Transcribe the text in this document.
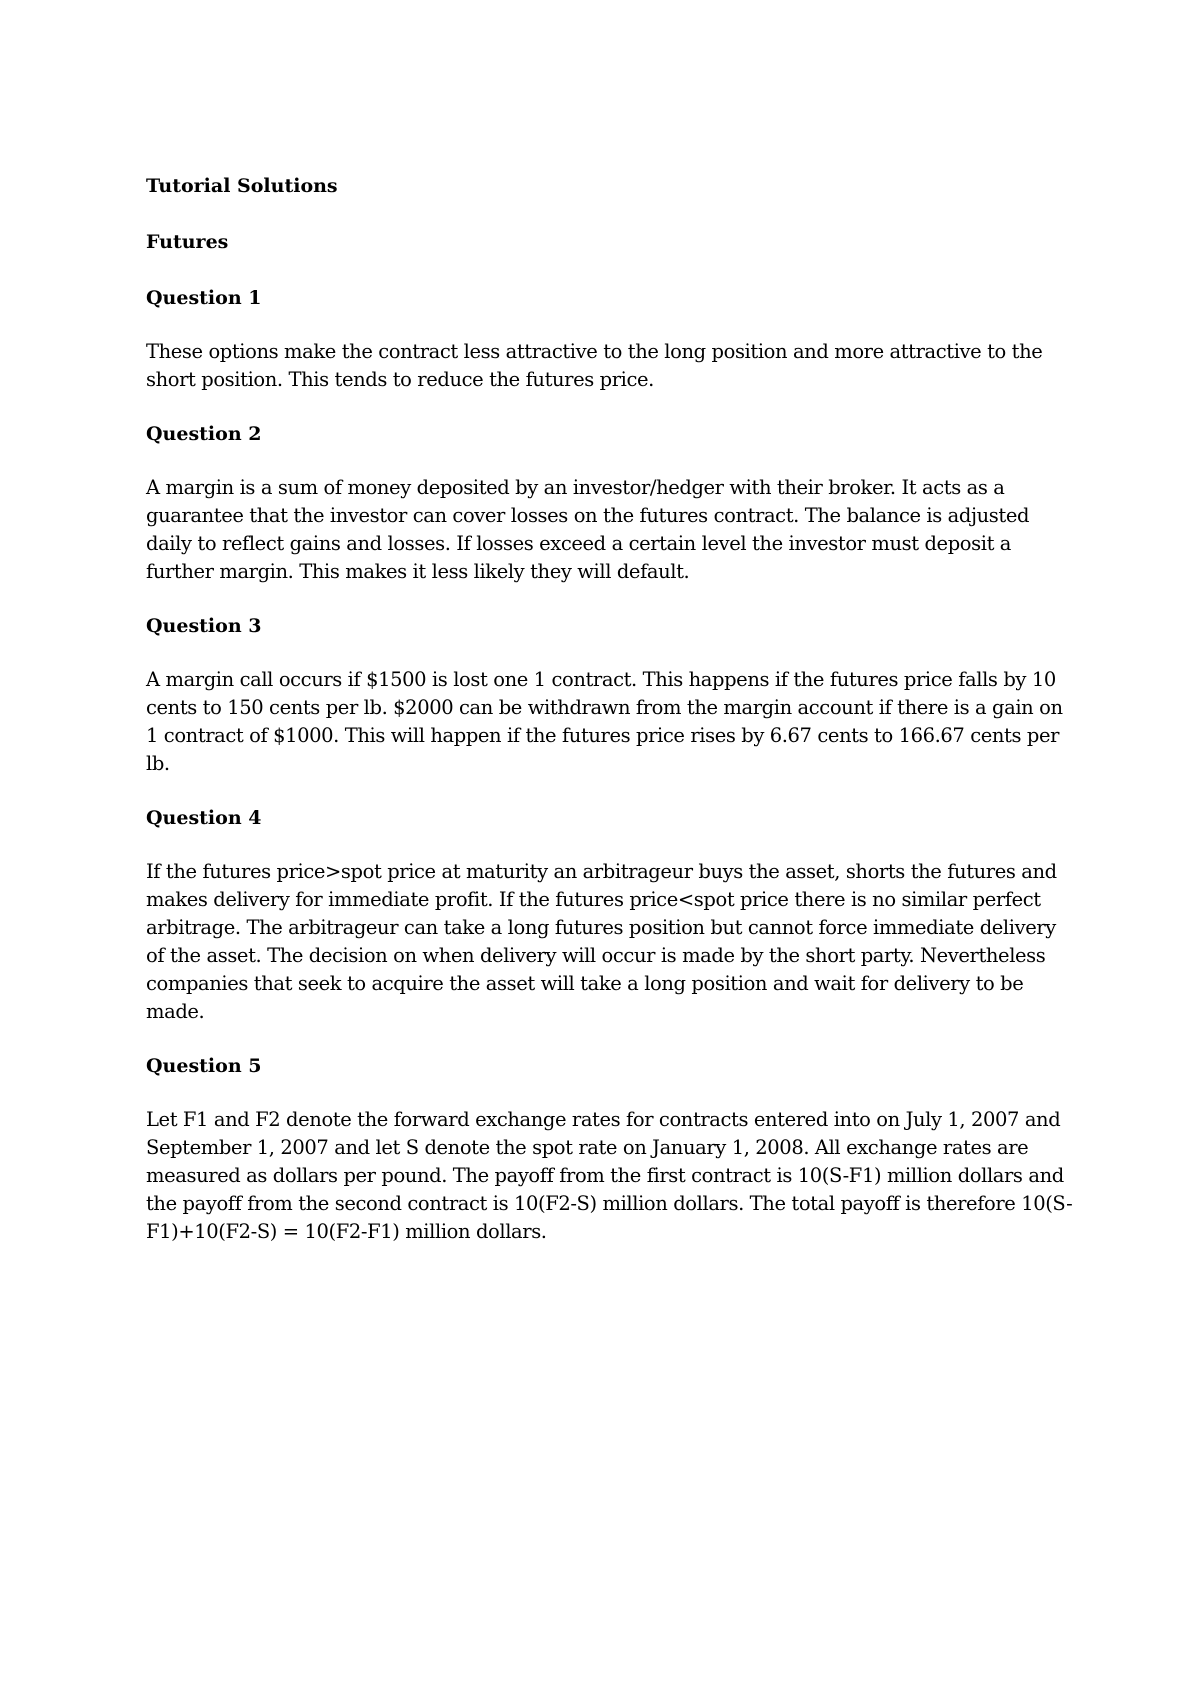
Tutorial Solutions

Futures

Question 1

These options make the contract less attractive to the long position and more attractive to the short position. This tends to reduce the futures price.

Question 2

A margin is a sum of money deposited by an investor/hedger with their broker. It acts as a guarantee that the investor can cover losses on the futures contract. The balance is adjusted daily to reflect gains and losses. If losses exceed a certain level the investor must deposit a further margin. This makes it less likely they will default.

Question 3

A margin call occurs if $1500 is lost one 1 contract. This happens if the futures price falls by 10 cents to 150 cents per lb. $2000 can be withdrawn from the margin account if there is a gain on 1 contract of $1000. This will happen if the futures price rises by 6.67 cents to 166.67 cents per lb.

Question 4

If the futures price>spot price at maturity an arbitrageur buys the asset, shorts the futures and makes delivery for immediate profit. If the futures price<spot price there is no similar perfect arbitrage. The arbitrageur can take a long futures position but cannot force immediate delivery of the asset. The decision on when delivery will occur is made by the short party. Nevertheless companies that seek to acquire the asset will take a long position and wait for delivery to be made.

Question 5

Let F1 and F2 denote the forward exchange rates for contracts entered into on July 1, 2007 and September 1, 2007 and let S denote the spot rate on January 1, 2008. All exchange rates are measured as dollars per pound. The payoff from the first contract is 10(S-F1) million dollars and the payoff from the second contract is 10(F2-S) million dollars. The total payoff is therefore 10(S-F1)+10(F2-S) = 10(F2-F1) million dollars.
